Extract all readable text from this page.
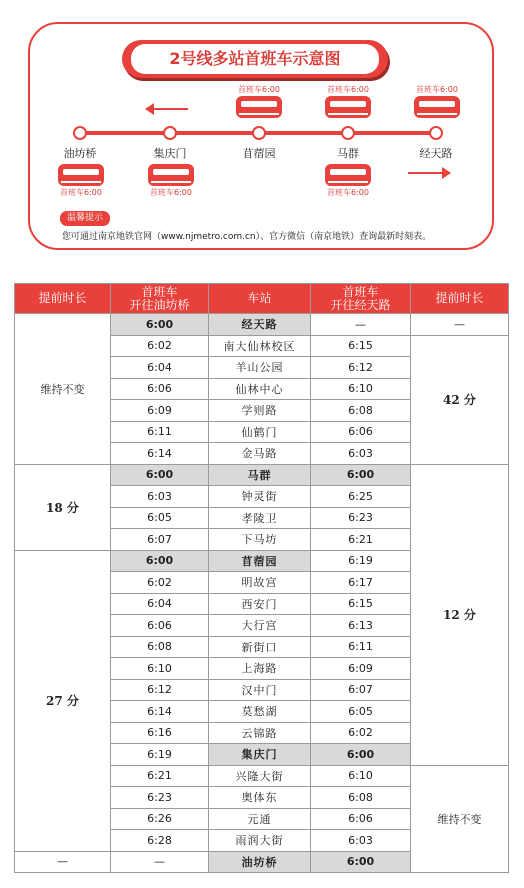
2号线多站首班车示意图
油坊桥	集庆门	苜蓿园	马群	经天路
首班车6:00	首班车6:00	首班车6:00
首班车6:00	首班车6:00	首班车6:00
温馨提示
您可通过南京地铁官网（www.njmetro.com.cn）、官方微信（南京地铁）查询最新时刻表。
提前时长	首班车
开往油坊桥	车站	首班车
开往经天路	提前时长
维持不变	6:00	经天路	—	—
	6:02	南大仙林校区	6:15	42 分
	6:04	羊山公园	6:12	
	6:06	仙林中心	6:10	
	6:09	学则路	6:08	
	6:11	仙鹤门	6:06	
	6:14	金马路	6:03	
18 分	6:00	马群	6:00	12 分
	6:03	钟灵街	6:25	
	6:05	孝陵卫	6:23	
	6:07	下马坊	6:21	
27 分	6:00	苜蓿园	6:19	
	6:02	明故宫	6:17	
	6:04	西安门	6:15	
	6:06	大行宫	6:13	
	6:08	新街口	6:11	
	6:10	上海路	6:09	
	6:12	汉中门	6:07	
	6:14	莫愁湖	6:05	
	6:16	云锦路	6:02	
	6:19	集庆门	6:00	
	6:21	兴隆大街	6:10	维持不变
	6:23	奥体东	6:08	
	6:26	元通	6:06	
	6:28	雨润大街	6:03	
—	—	油坊桥	6:00	
